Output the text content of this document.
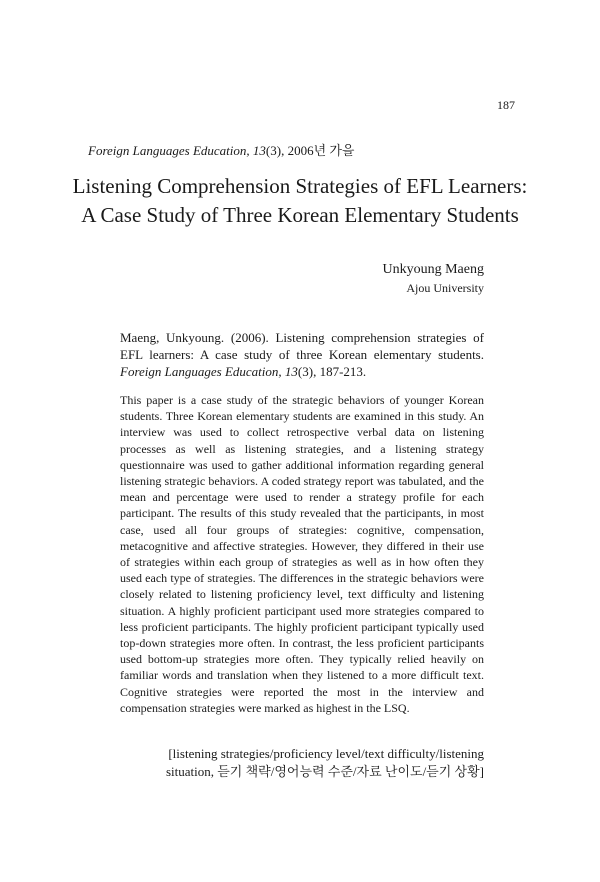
187
Foreign Languages Education, 13(3), 2006년 가을
Listening Comprehension Strategies of EFL Learners:
A Case Study of Three Korean Elementary Students
Unkyoung Maeng
Ajou University
Maeng, Unkyoung. (2006). Listening comprehension strategies of EFL learners: A case study of three Korean elementary students. Foreign Languages Education, 13(3), 187-213.

This paper is a case study of the strategic behaviors of younger Korean students. Three Korean elementary students are examined in this study. An interview was used to collect retrospective verbal data on listening processes as well as listening strategies, and a listening strategy questionnaire was used to gather additional information regarding general listening strategic behaviors. A coded strategy report was tabulated, and the mean and percentage were used to render a strategy profile for each participant. The results of this study revealed that the participants, in most case, used all four groups of strategies: cognitive, compensation, metacognitive and affective strategies. However, they differed in their use of strategies within each group of strategies as well as in how often they used each type of strategies. The differences in the strategic behaviors were closely related to listening proficiency level, text difficulty and listening situation. A highly proficient participant used more strategies compared to less proficient participants. The highly proficient participant typically used top-down strategies more often. In contrast, the less proficient participants used bottom-up strategies more often. They typically relied heavily on familiar words and translation when they listened to a more difficult text. Cognitive strategies were reported the most in the interview and compensation strategies were marked as highest in the LSQ.

[listening strategies/proficiency level/text difficulty/listening situation, 듣기 책략/영어능력 수준/자료 난이도/듣기 상황]
